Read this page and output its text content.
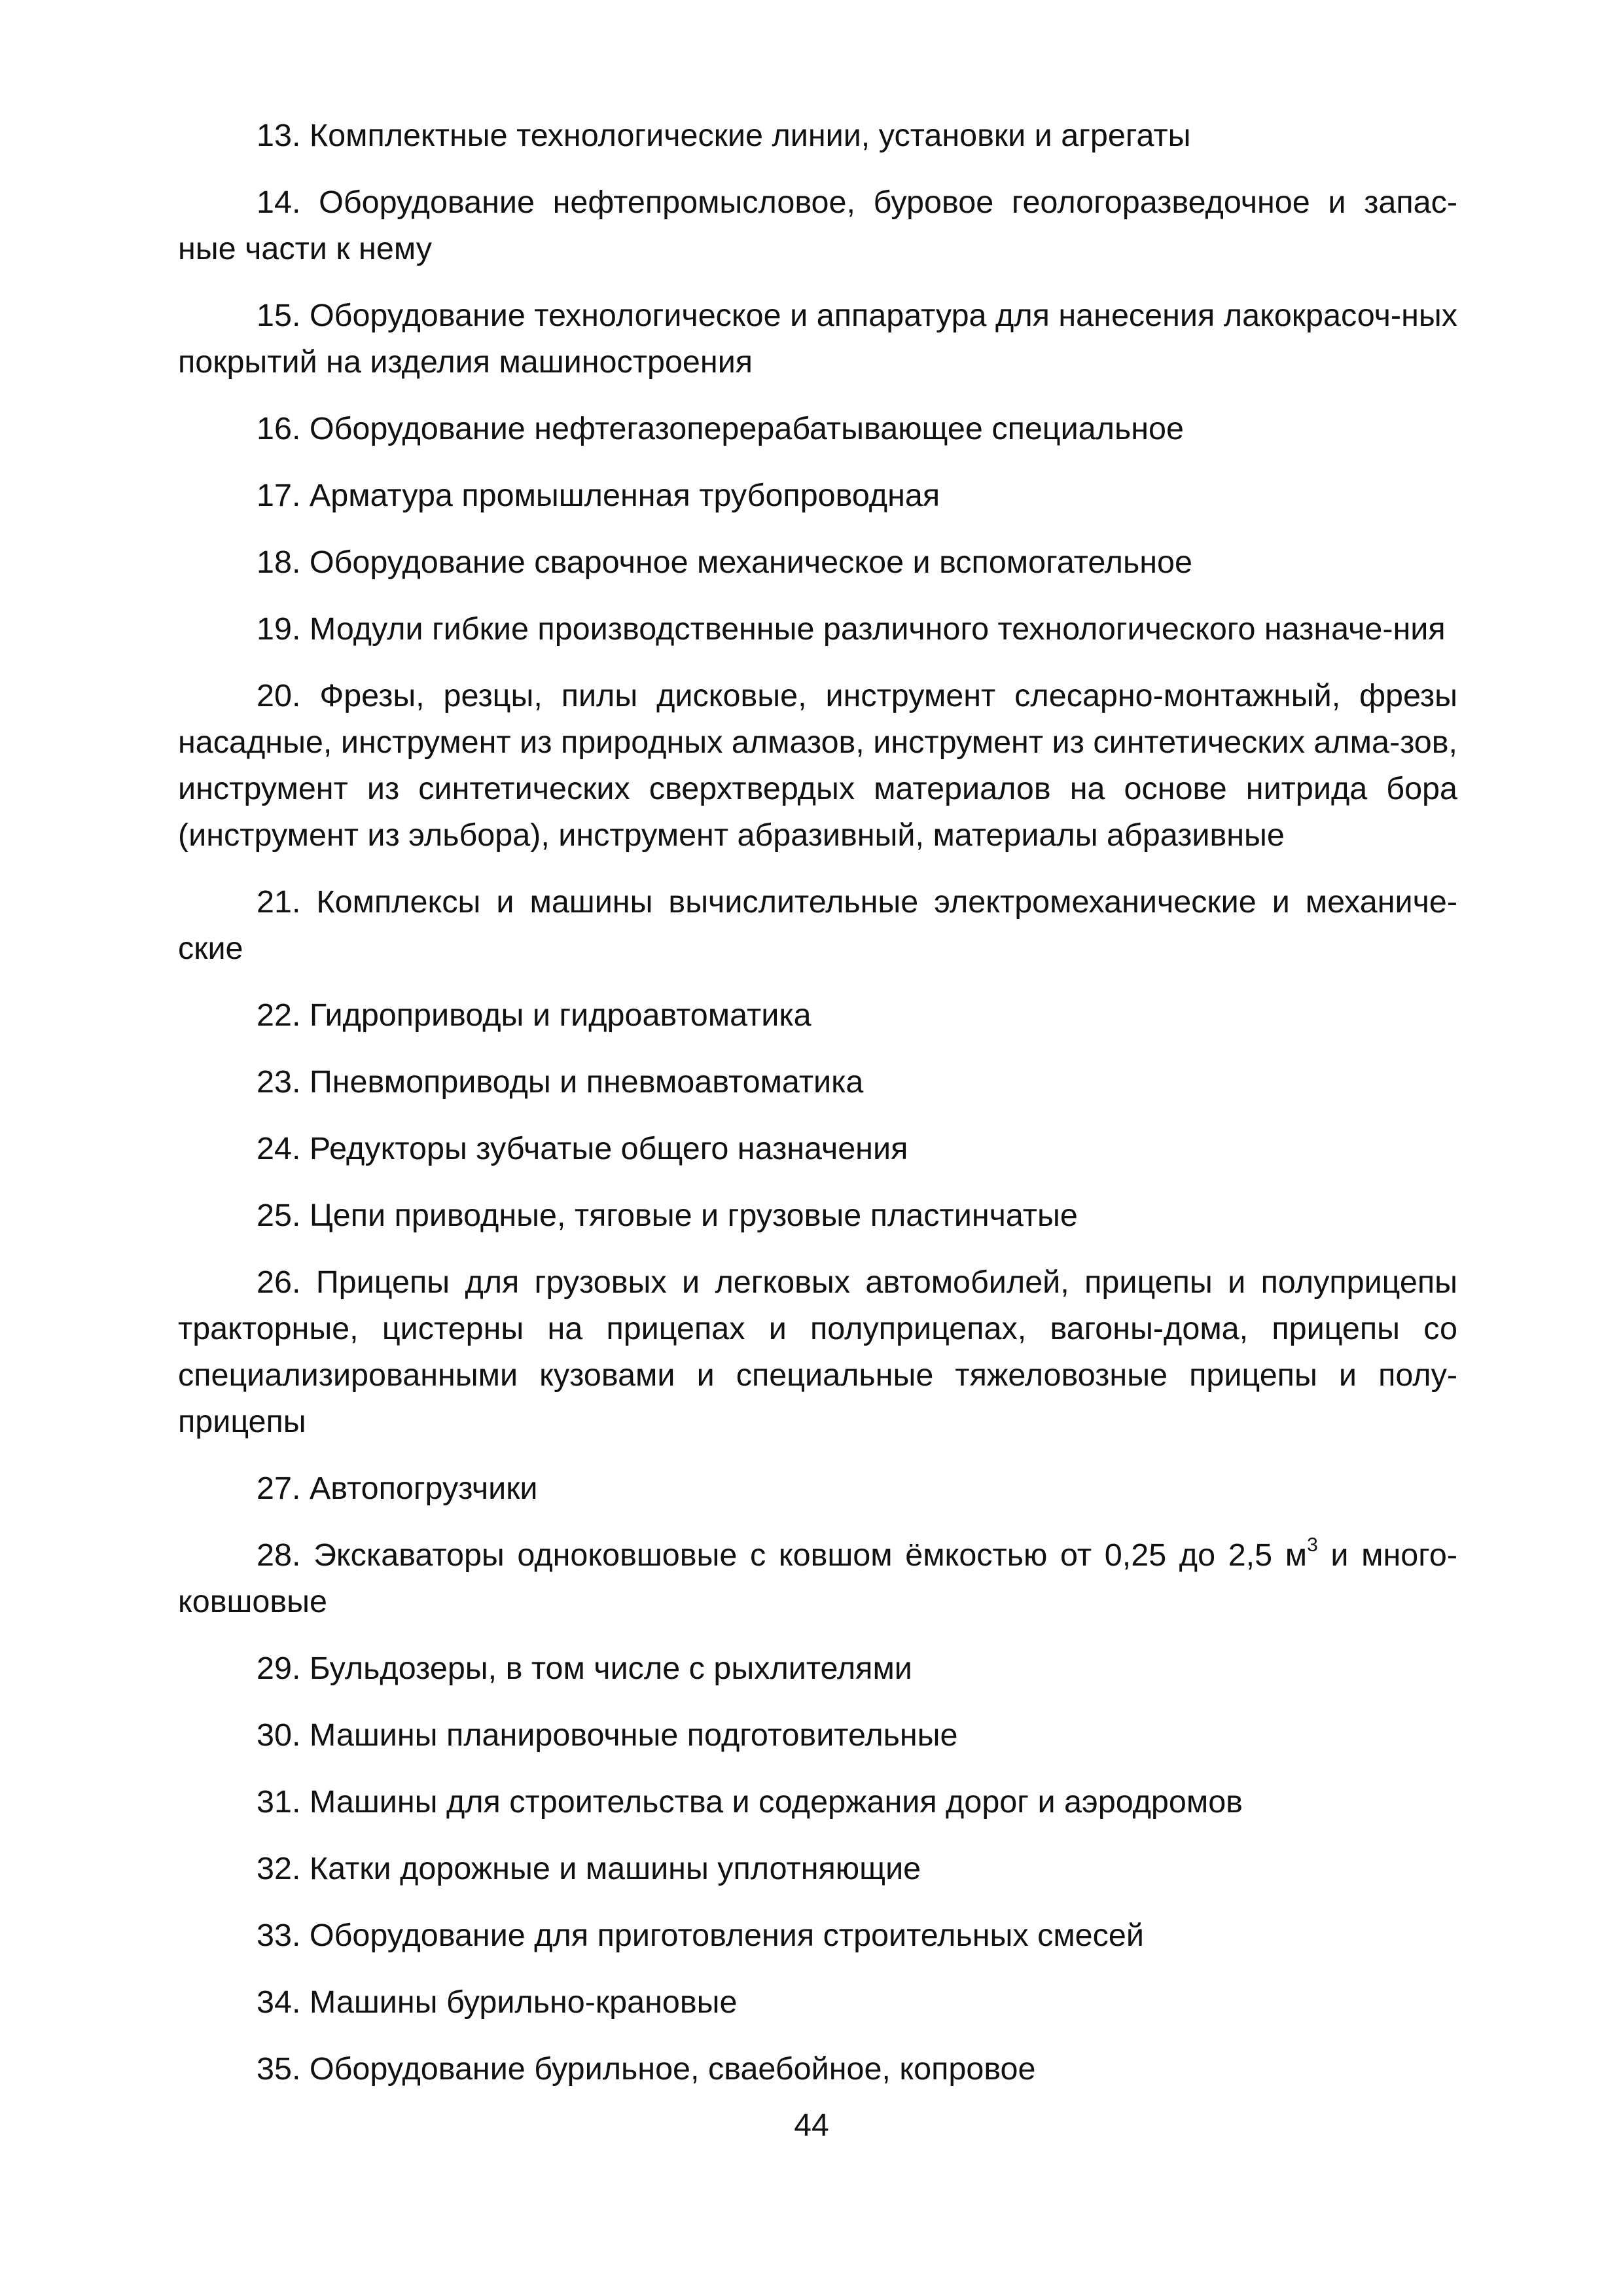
13. Комплектные технологические линии, установки и агрегаты

14. Оборудование нефтепромысловое, буровое геологоразведочное и запас-ные части к нему

15. Оборудование технологическое и аппаратура для нанесения лакокрасоч-ных покрытий на изделия машиностроения

16. Оборудование нефтегазоперерабатывающее специальное

17. Арматура промышленная трубопроводная

18. Оборудование сварочное механическое и вспомогательное

19. Модули гибкие производственные различного технологического назначе-ния

20. Фрезы, резцы, пилы дисковые, инструмент слесарно-монтажный, фрезы насадные, инструмент из природных алмазов, инструмент из синтетических алма-зов, инструмент из синтетических сверхтвердых материалов на основе нитрида бора (инструмент из эльбора), инструмент абразивный, материалы абразивные

21. Комплексы и машины вычислительные электромеханические и механиче-ские

22. Гидроприводы и гидроавтоматика

23. Пневмоприводы и пневмоавтоматика

24. Редукторы зубчатые общего назначения

25. Цепи приводные, тяговые и грузовые пластинчатые

26. Прицепы для грузовых и легковых автомобилей, прицепы и полуприцепы тракторные, цистерны на прицепах и полуприцепах, вагоны-дома, прицепы со специализированными кузовами и специальные тяжеловозные прицепы и полу-прицепы

27. Автопогрузчики

28. Экскаваторы одноковшовые с ковшом ёмкостью от 0,25 до 2,5 $м^3$ и много-ковшовые

29. Бульдозеры, в том числе с рыхлителями

30. Машины планировочные подготовительные

31. Машины для строительства и содержания дорог и аэродромов

32. Катки дорожные и машины уплотняющие

33. Оборудование для приготовления строительных смесей

34. Машины бурильно-крановые

35. Оборудование бурильное, сваебойное, копровое

44
